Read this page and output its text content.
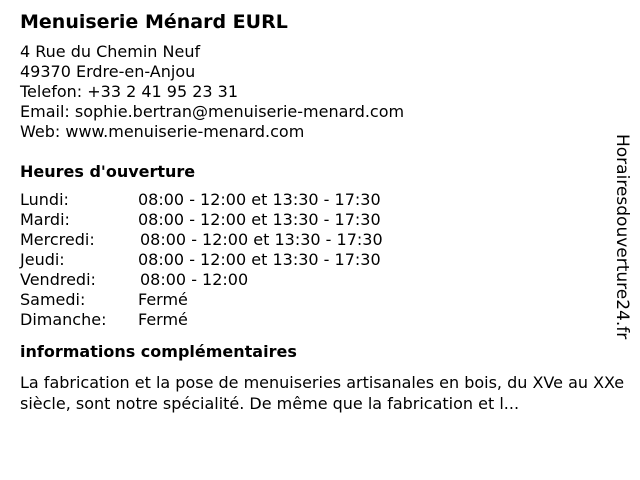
Menuiserie Ménard EURL
4 Rue du Chemin Neuf
49370 Erdre-en-Anjou
Telefon: +33 2 41 95 23 31
Email: sophie.bertran@menuiserie-menard.com
Web: www.menuiserie-menard.com
Heures d'ouverture
Lundi:	08:00 - 12:00 et 13:30 - 17:30
Mardi:	08:00 - 12:00 et 13:30 - 17:30
Mercredi:	08:00 - 12:00 et 13:30 - 17:30
Jeudi:	08:00 - 12:00 et 13:30 - 17:30
Vendredi:	08:00 - 12:00
Samedi:	Fermé
Dimanche: Fermé
informations complémentaires
La fabrication et la pose de menuiseries artisanales en bois, du XVe au XXe siècle, sont notre spécialité. De même que la fabrication et l...
Horairesdouverture24.fr
